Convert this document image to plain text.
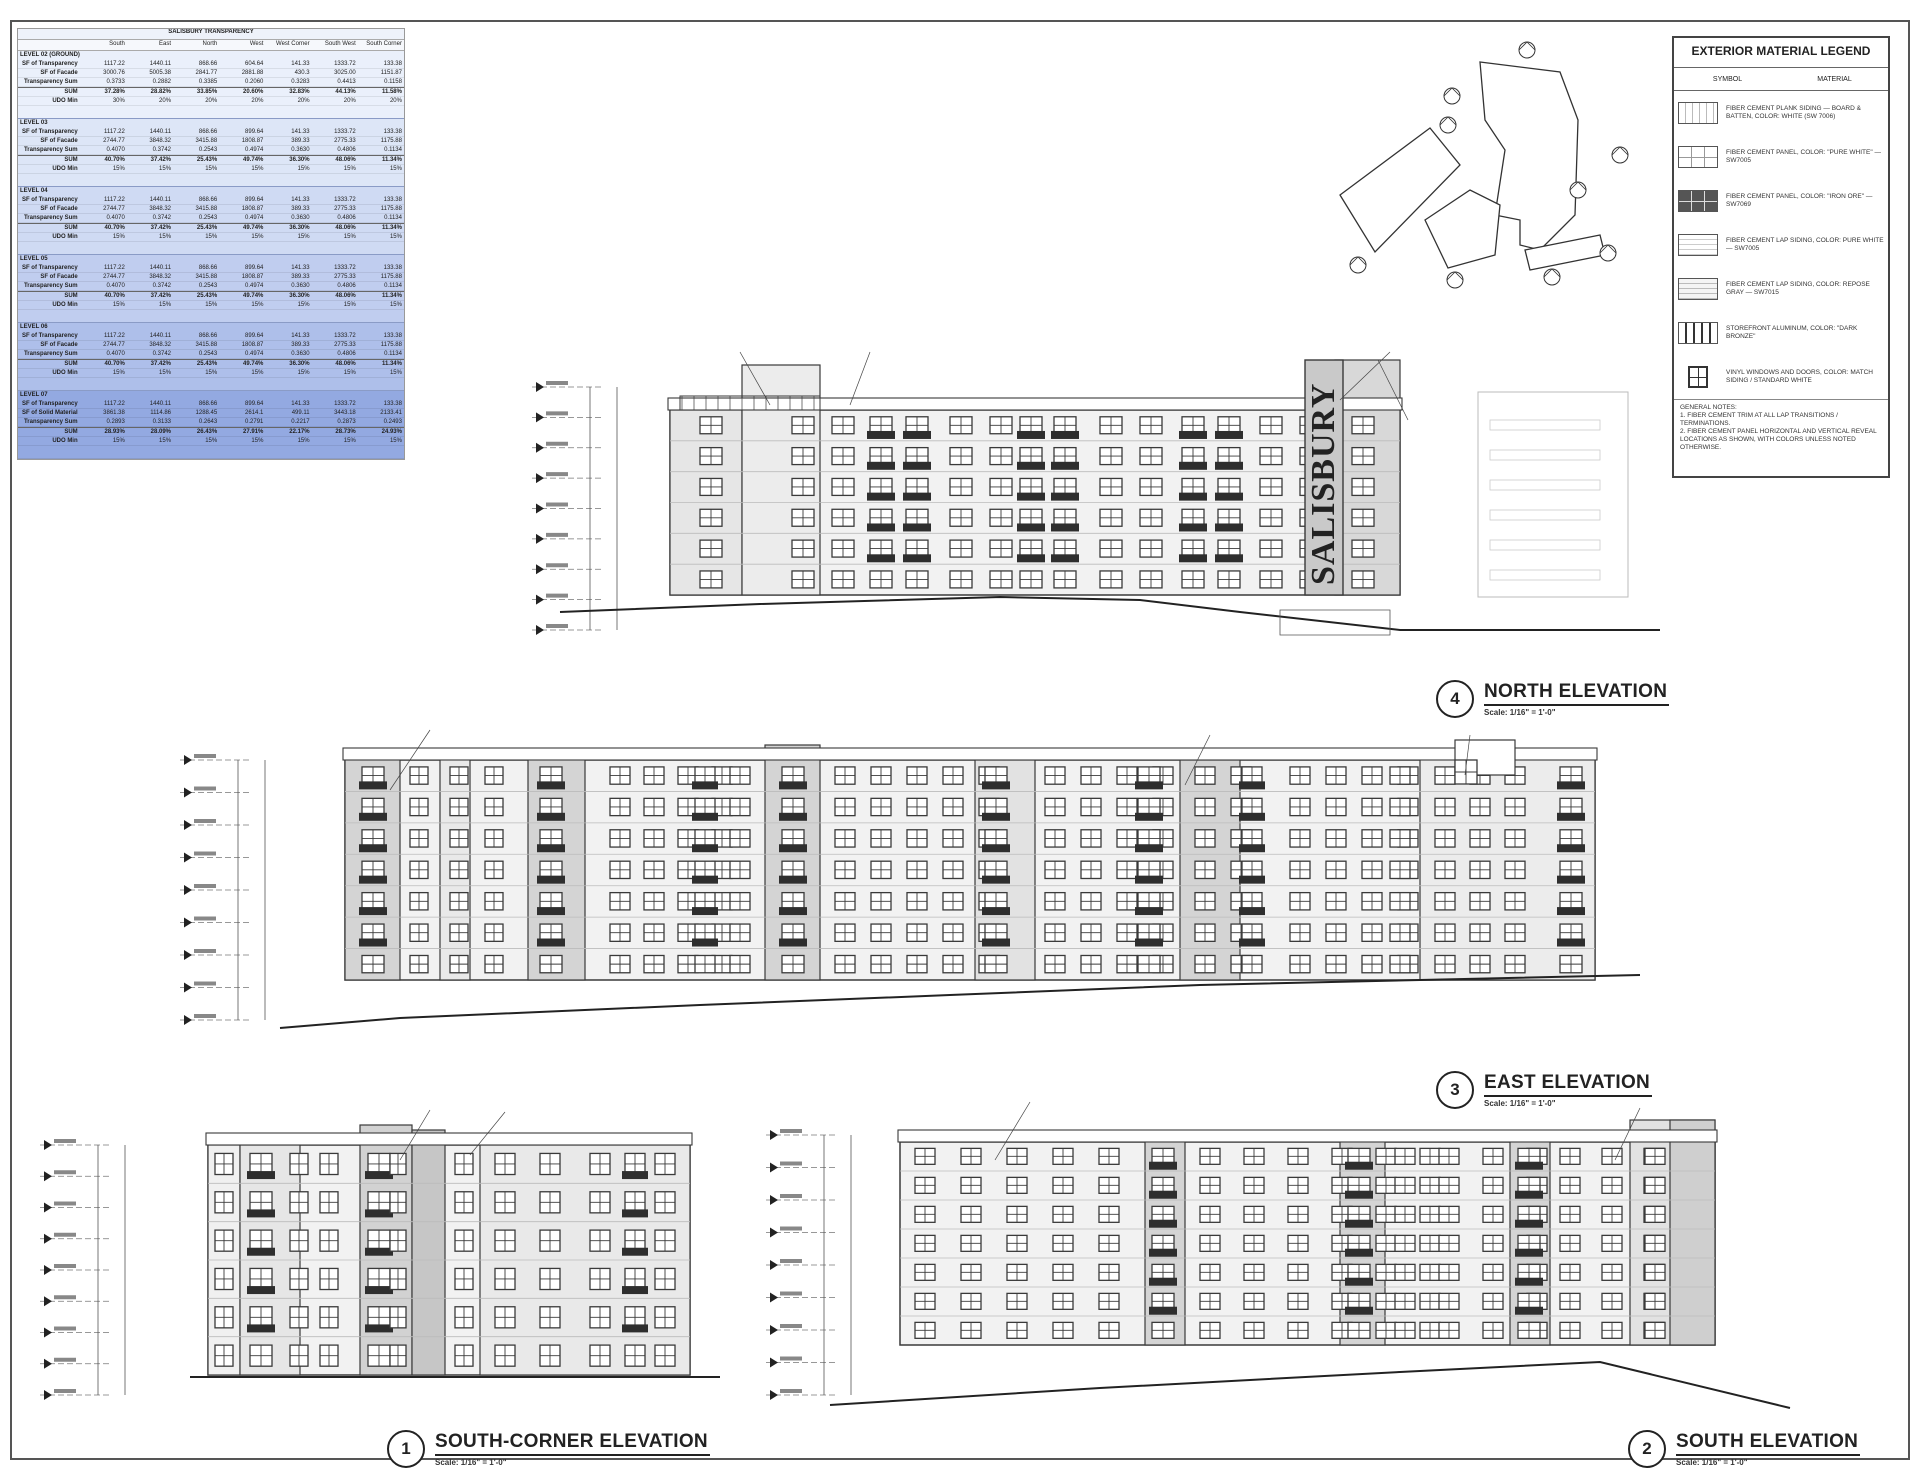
SALISBURY TRANSPARENCY
South	East	North	West	West Corner	South West	South Corner
LEVEL 02 (GROUND)
SF of Transparency	1117.22	1440.11	868.66	604.64	141.33	1333.72	133.38
SF of Facade	3000.76	5005.38	2841.77	2881.88	430.3	3025.00	1151.87
Transparency Sum	0.3733	0.2882	0.3385	0.2060	0.3283	0.4413	0.1158
SUM	37.28%	28.82%	33.85%	20.60%	32.83%	44.13%	11.58%
UDO Min	30%	20%	20%	20%	20%	20%	20%
LEVEL 03
SF of Transparency	1117.22	1440.11	868.66	899.64	141.33	1333.72	133.38
SF of Facade	2744.77	3848.32	3415.88	1808.87	389.33	2775.33	1175.88
Transparency Sum	0.4070	0.3742	0.2543	0.4974	0.3630	0.4806	0.1134
SUM	40.70%	37.42%	25.43%	49.74%	36.30%	48.06%	11.34%
UDO Min	15%	15%	15%	15%	15%	15%	15%
LEVEL 04
SF of Transparency	1117.22	1440.11	868.66	899.64	141.33	1333.72	133.38
SF of Facade	2744.77	3848.32	3415.88	1808.87	389.33	2775.33	1175.88
Transparency Sum	0.4070	0.3742	0.2543	0.4974	0.3630	0.4806	0.1134
SUM	40.70%	37.42%	25.43%	49.74%	36.30%	48.06%	11.34%
UDO Min	15%	15%	15%	15%	15%	15%	15%
LEVEL 05
SF of Transparency	1117.22	1440.11	868.66	899.64	141.33	1333.72	133.38
SF of Facade	2744.77	3848.32	3415.88	1808.87	389.33	2775.33	1175.88
Transparency Sum	0.4070	0.3742	0.2543	0.4974	0.3630	0.4806	0.1134
SUM	40.70%	37.42%	25.43%	49.74%	36.30%	48.06%	11.34%
UDO Min	15%	15%	15%	15%	15%	15%	15%
LEVEL 06
SF of Transparency	1117.22	1440.11	868.66	899.64	141.33	1333.72	133.38
SF of Facade	2744.77	3848.32	3415.88	1808.87	389.33	2775.33	1175.88
Transparency Sum	0.4070	0.3742	0.2543	0.4974	0.3630	0.4806	0.1134
SUM	40.70%	37.42%	25.43%	49.74%	36.30%	48.06%	11.34%
UDO Min	15%	15%	15%	15%	15%	15%	15%
LEVEL 07
SF of Transparency	1117.22	1440.11	868.66	899.64	141.33	1333.72	133.38
SF of Solid Material	3861.38	1114.86	1288.45	2614.1	499.11	3443.18	2133.41
Transparency Sum	0.2893	0.3133	0.2643	0.2791	0.2217	0.2873	0.2493
SUM	28.93%	28.09%	26.43%	27.91%	22.17%	28.73%	24.93%
UDO Min	15%	15%	15%	15%	15%	15%	15%
EXTERIOR MATERIAL LEGEND
SYMBOL	MATERIAL
FIBER CEMENT PLANK SIDING — BOARD & BATTEN, COLOR: WHITE (SW 7006)
FIBER CEMENT PANEL, COLOR: "PURE WHITE" — SW7005
FIBER CEMENT PANEL, COLOR: "IRON ORE" — SW7069
FIBER CEMENT LAP SIDING, COLOR: PURE WHITE — SW7005
FIBER CEMENT LAP SIDING, COLOR: REPOSE GRAY — SW7015
STOREFRONT ALUMINUM, COLOR: "DARK BRONZE"
VINYL WINDOWS AND DOORS, COLOR: MATCH SIDING / STANDARD WHITE
GENERAL NOTES:
1. FIBER CEMENT TRIM AT ALL LAP TRANSITIONS / TERMINATIONS.
2. FIBER CEMENT PANEL HORIZONTAL AND VERTICAL REVEAL LOCATIONS AS SHOWN, WITH COLORS UNLESS NOTED OTHERWISE.
SALISBURY
4	NORTH ELEVATION
Scale: 1/16" = 1'-0"
3	EAST ELEVATION
Scale: 1/16" = 1'-0"
1	SOUTH-CORNER ELEVATION
Scale: 1/16" = 1'-0"
2	SOUTH ELEVATION
Scale: 1/16" = 1'-0"
